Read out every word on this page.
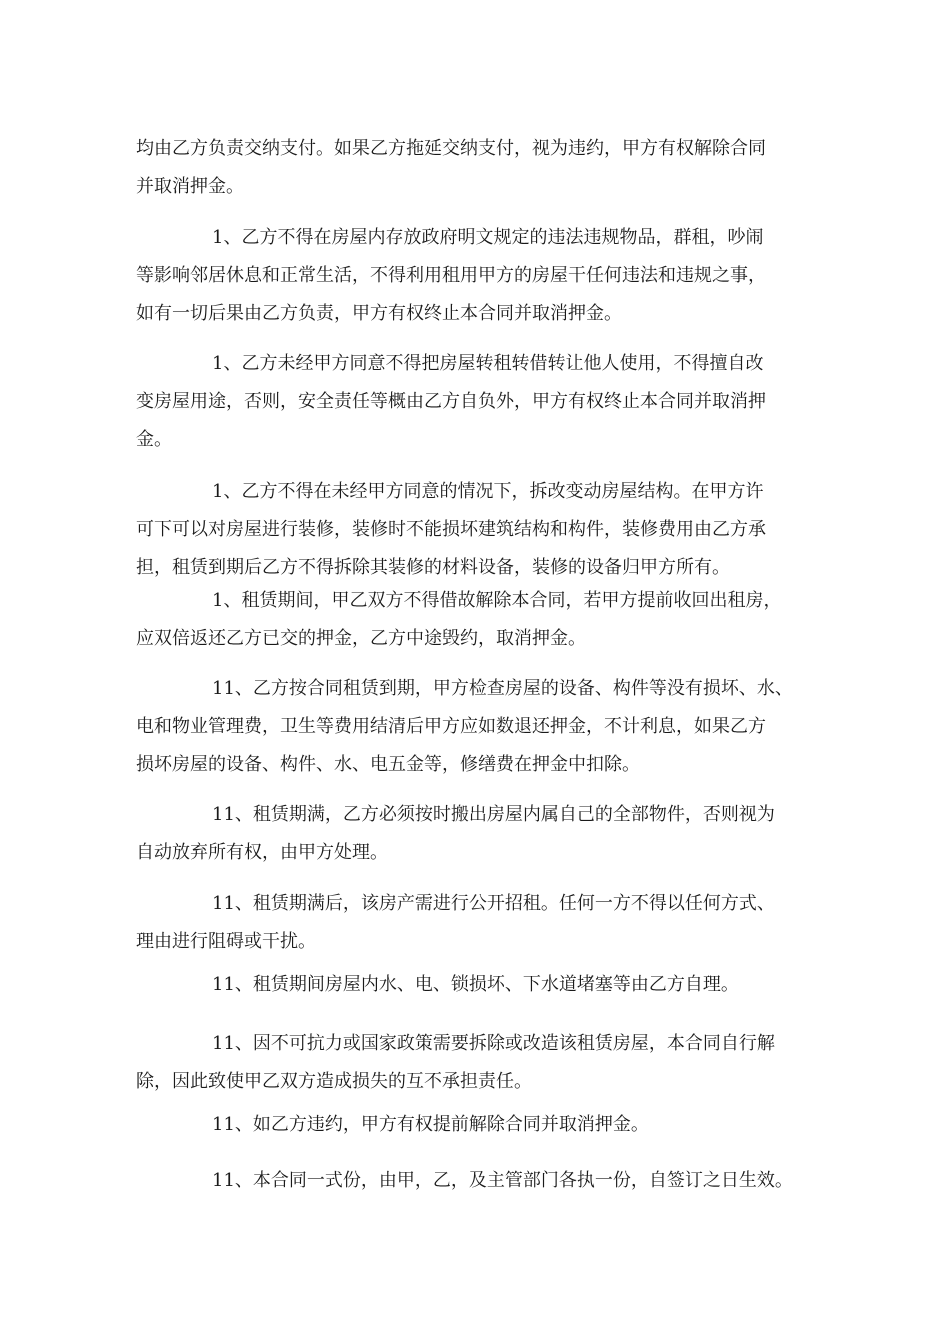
均由乙方负责交纳支付。如果乙方拖延交纳支付，视为违约，甲方有权解除合同
并取消押金。
1、乙方不得在房屋内存放政府明文规定的违法违规物品，群租，吵闹
等影响邻居休息和正常生活，不得利用租用甲方的房屋干任何违法和违规之事，
如有一切后果由乙方负责，甲方有权终止本合同并取消押金。
1、乙方未经甲方同意不得把房屋转租转借转让他人使用，不得擅自改
变房屋用途，否则，安全责任等概由乙方自负外，甲方有权终止本合同并取消押
金。
1、乙方不得在未经甲方同意的情况下，拆改变动房屋结构。在甲方许
可下可以对房屋进行装修，装修时不能损坏建筑结构和构件，装修费用由乙方承
担，租赁到期后乙方不得拆除其装修的材料设备，装修的设备归甲方所有。
1、租赁期间，甲乙双方不得借故解除本合同，若甲方提前收回出租房，
应双倍返还乙方已交的押金，乙方中途毁约，取消押金。
11、乙方按合同租赁到期，甲方检查房屋的设备、构件等没有损坏、水、
电和物业管理费，卫生等费用结清后甲方应如数退还押金，不计利息，如果乙方
损坏房屋的设备、构件、水、电五金等，修缮费在押金中扣除。
11、租赁期满，乙方必须按时搬出房屋内属自己的全部物件，否则视为
自动放弃所有权，由甲方处理。
11、租赁期满后，该房产需进行公开招租。任何一方不得以任何方式、
理由进行阻碍或干扰。
11、租赁期间房屋内水、电、锁损坏、下水道堵塞等由乙方自理。
11、因不可抗力或国家政策需要拆除或改造该租赁房屋，本合同自行解
除，因此致使甲乙双方造成损失的互不承担责任。
11、如乙方违约，甲方有权提前解除合同并取消押金。
11、本合同一式份，由甲，乙，及主管部门各执一份，自签订之日生效。
